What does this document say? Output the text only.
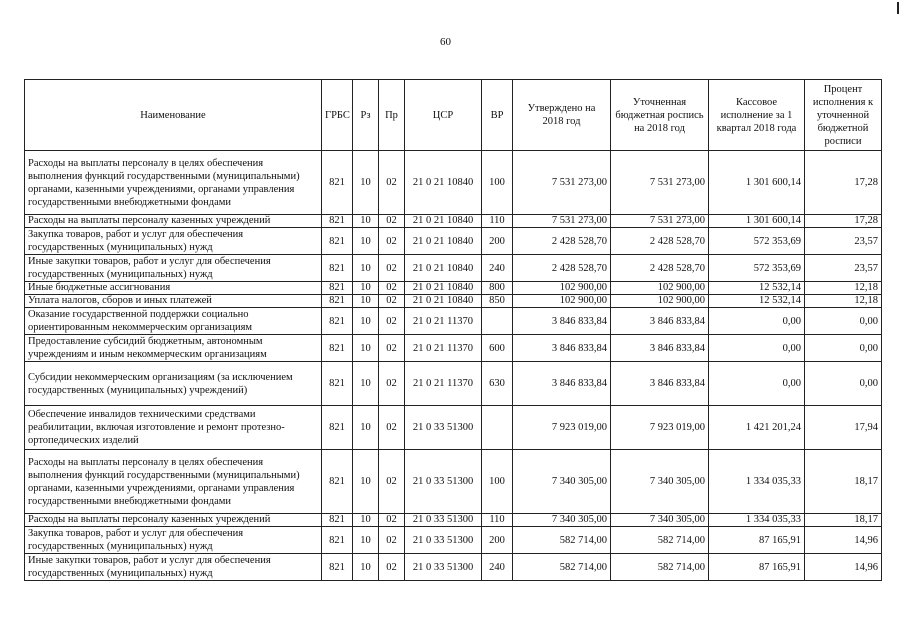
60
Наименование	ГРБС	Рз	Пр	ЦСР	ВР	Утверждено на 2018 год	Уточненная бюджетная роспись на 2018 год	Кассовое исполнение за 1 квартал 2018 года	Процент исполнения к уточненной бюджетной росписи
Расходы на выплаты персоналу в целях обеспечения выполнения функций государственными (муниципальными) органами, казенными учреждениями, органами управления государственными внебюджетными фондами	821	10	02	21 0 21 10840	100	7 531 273,00	7 531 273,00	1 301 600,14	17,28
Расходы на выплаты персоналу казенных учреждений	821	10	02	21 0 21 10840	110	7 531 273,00	7 531 273,00	1 301 600,14	17,28
Закупка товаров, работ и услуг для обеспечения государственных (муниципальных) нужд	821	10	02	21 0 21 10840	200	2 428 528,70	2 428 528,70	572 353,69	23,57
Иные закупки товаров, работ и услуг для обеспечения государственных (муниципальных) нужд	821	10	02	21 0 21 10840	240	2 428 528,70	2 428 528,70	572 353,69	23,57
Иные бюджетные ассигнования	821	10	02	21 0 21 10840	800	102 900,00	102 900,00	12 532,14	12,18
Уплата налогов, сборов и иных платежей	821	10	02	21 0 21 10840	850	102 900,00	102 900,00	12 532,14	12,18
Оказание государственной поддержки социально ориентированным некоммерческим организациям	821	10	02	21 0 21 11370		3 846 833,84	3 846 833,84	0,00	0,00
Предоставление субсидий бюджетным, автономным учреждениям и иным некоммерческим организациям	821	10	02	21 0 21 11370	600	3 846 833,84	3 846 833,84	0,00	0,00
Субсидии некоммерческим организациям (за исключением государственных (муниципальных) учреждений)	821	10	02	21 0 21 11370	630	3 846 833,84	3 846 833,84	0,00	0,00
Обеспечение инвалидов техническими средствами реабилитации, включая изготовление и ремонт протезно-ортопедических изделий	821	10	02	21 0 33 51300		7 923 019,00	7 923 019,00	1 421 201,24	17,94
Расходы на выплаты персоналу в целях обеспечения выполнения функций государственными (муниципальными) органами, казенными учреждениями, органами управления государственными внебюджетными фондами	821	10	02	21 0 33 51300	100	7 340 305,00	7 340 305,00	1 334 035,33	18,17
Расходы на выплаты персоналу казенных учреждений	821	10	02	21 0 33 51300	110	7 340 305,00	7 340 305,00	1 334 035,33	18,17
Закупка товаров, работ и услуг для обеспечения государственных (муниципальных) нужд	821	10	02	21 0 33 51300	200	582 714,00	582 714,00	87 165,91	14,96
Иные закупки товаров, работ и услуг для обеспечения государственных (муниципальных) нужд	821	10	02	21 0 33 51300	240	582 714,00	582 714,00	87 165,91	14,96
